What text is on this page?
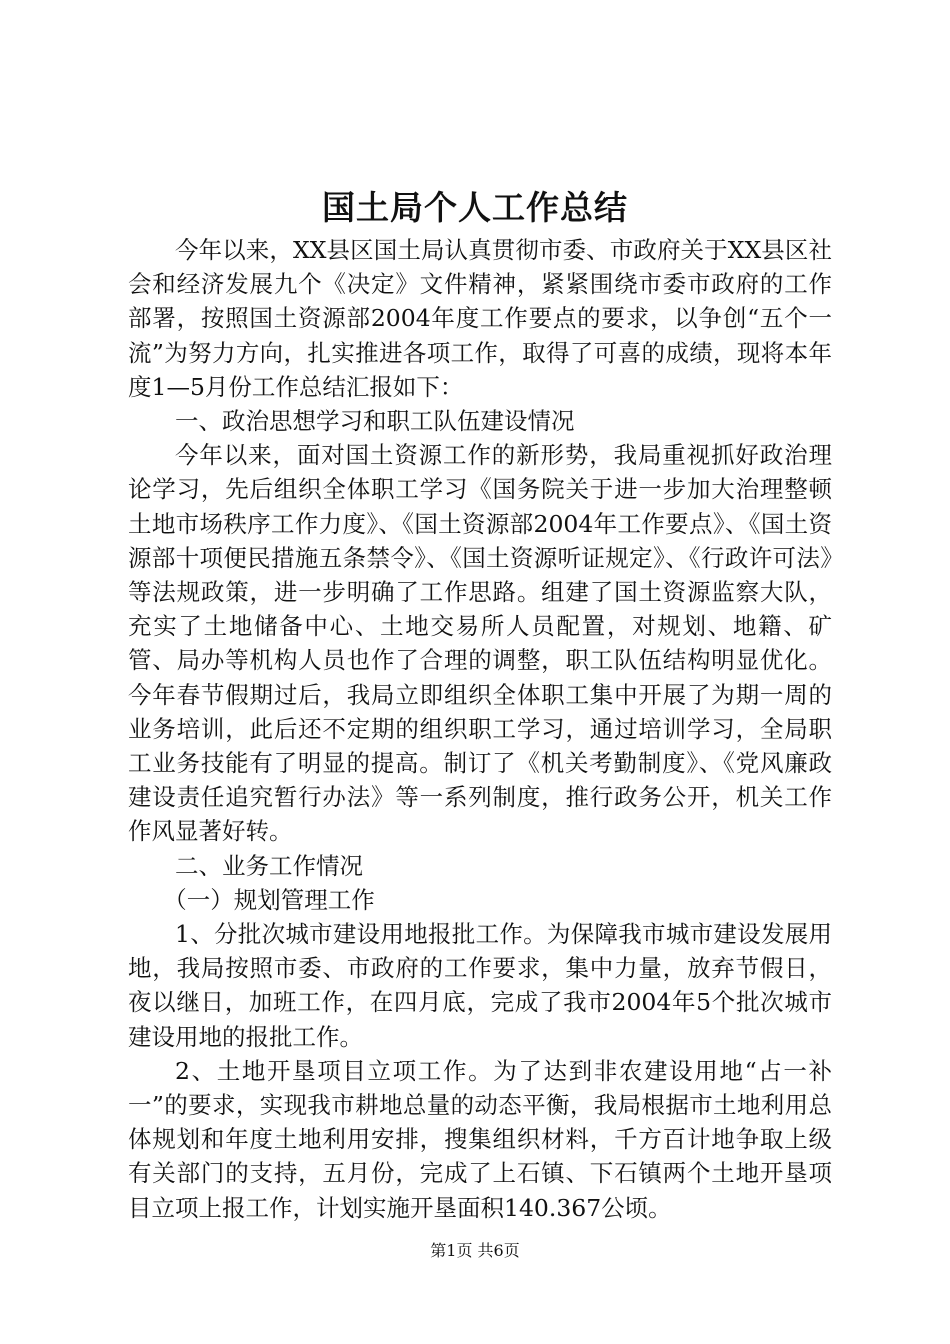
国土局个人工作总结

今年以来，XX县区国土局认真贯彻市委、市政府关于XX县区社会和经济发展九个《决定》文件精神，紧紧围绕市委市政府的工作部署，按照国土资源部2004年度工作要点的要求，以争创“五个一流”为努力方向，扎实推进各项工作，取得了可喜的成绩，现将本年度1—5月份工作总结汇报如下：

一、政治思想学习和职工队伍建设情况

今年以来，面对国土资源工作的新形势，我局重视抓好政治理论学习，先后组织全体职工学习《国务院关于进一步加大治理整顿土地市场秩序工作力度》、《国土资源部2004年工作要点》、《国土资源部十项便民措施五条禁令》、《国土资源听证规定》、《行政许可法》等法规政策，进一步明确了工作思路。组建了国土资源监察大队，充实了土地储备中心、土地交易所人员配置，对规划、地籍、矿管、局办等机构人员也作了合理的调整，职工队伍结构明显优化。今年春节假期过后，我局立即组织全体职工集中开展了为期一周的业务培训，此后还不定期的组织职工学习，通过培训学习，全局职工业务技能有了明显的提高。制订了《机关考勤制度》、《党风廉政建设责任追究暂行办法》等一系列制度，推行政务公开，机关工作作风显著好转。

二、业务工作情况

（一）规划管理工作

1、分批次城市建设用地报批工作。为保障我市城市建设发展用地，我局按照市委、市政府的工作要求，集中力量，放弃节假日，夜以继日，加班工作，在四月底，完成了我市2004年5个批次城市建设用地的报批工作。

2、土地开垦项目立项工作。为了达到非农建设用地“占一补一”的要求，实现我市耕地总量的动态平衡，我局根据市土地利用总体规划和年度土地利用安排，搜集组织材料，千方百计地争取上级有关部门的支持，五月份，完成了上石镇、下石镇两个土地开垦项目立项上报工作，计划实施开垦面积140.367公顷。

第1页 共6页
